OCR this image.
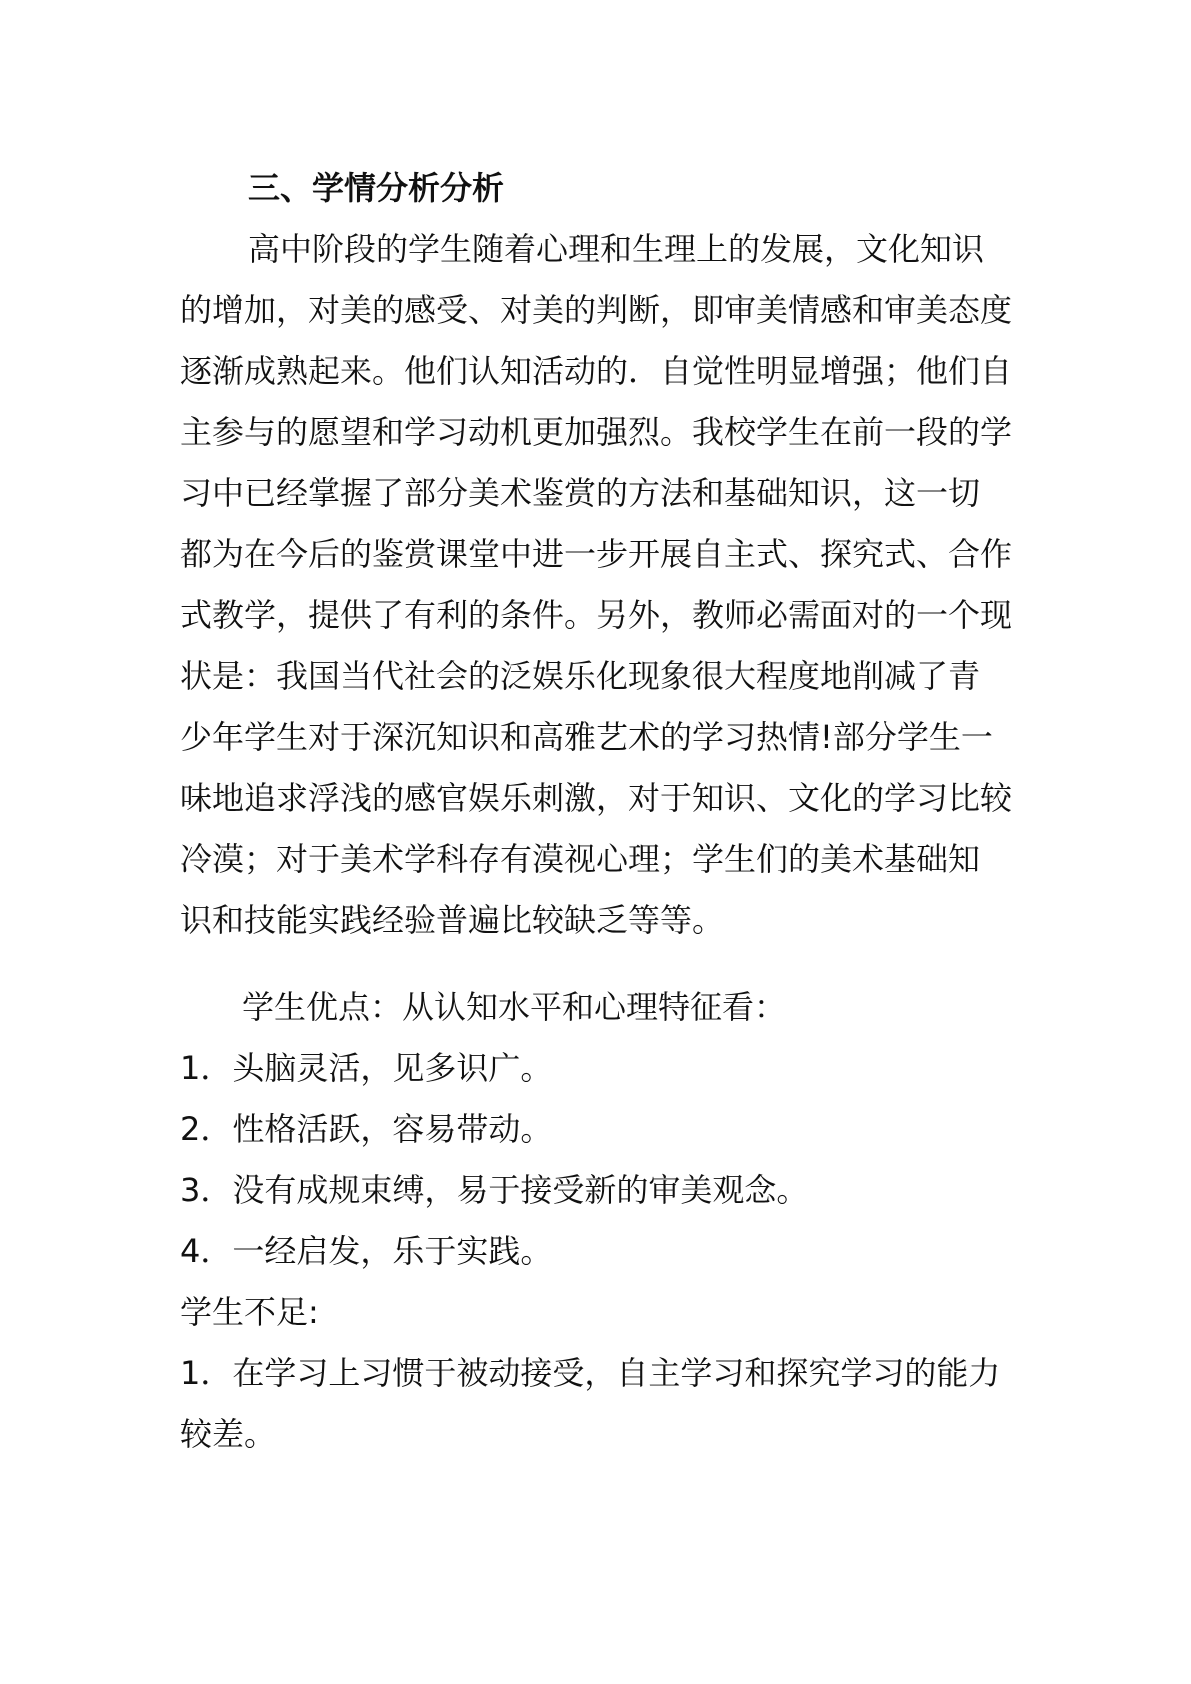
三、学情分析分析
高中阶段的学生随着心理和生理上的发展，文化知识
的增加，对美的感受、对美的判断，即审美情感和审美态度
逐渐成熟起来。他们认知活动的．自觉性明显增强；他们自
主参与的愿望和学习动机更加强烈。我校学生在前一段的学
习中已经掌握了部分美术鉴赏的方法和基础知识，这一切
都为在今后的鉴赏课堂中进一步开展自主式、探究式、合作
式教学，提供了有利的条件。另外，教师必需面对的一个现
状是：我国当代社会的泛娱乐化现象很大程度地削减了青
少年学生对于深沉知识和高雅艺术的学习热情!部分学生一
味地追求浮浅的感官娱乐刺激，对于知识、文化的学习比较
冷漠；对于美术学科存有漠视心理；学生们的美术基础知
识和技能实践经验普遍比较缺乏等等。
学生优点：从认知水平和心理特征看：
1．头脑灵活，见多识广。
2．性格活跃，容易带动。
3．没有成规束缚，易于接受新的审美观念。
4．一经启发，乐于实践。
学生不足:
1．在学习上习惯于被动接受，自主学习和探究学习的能力
较差。
